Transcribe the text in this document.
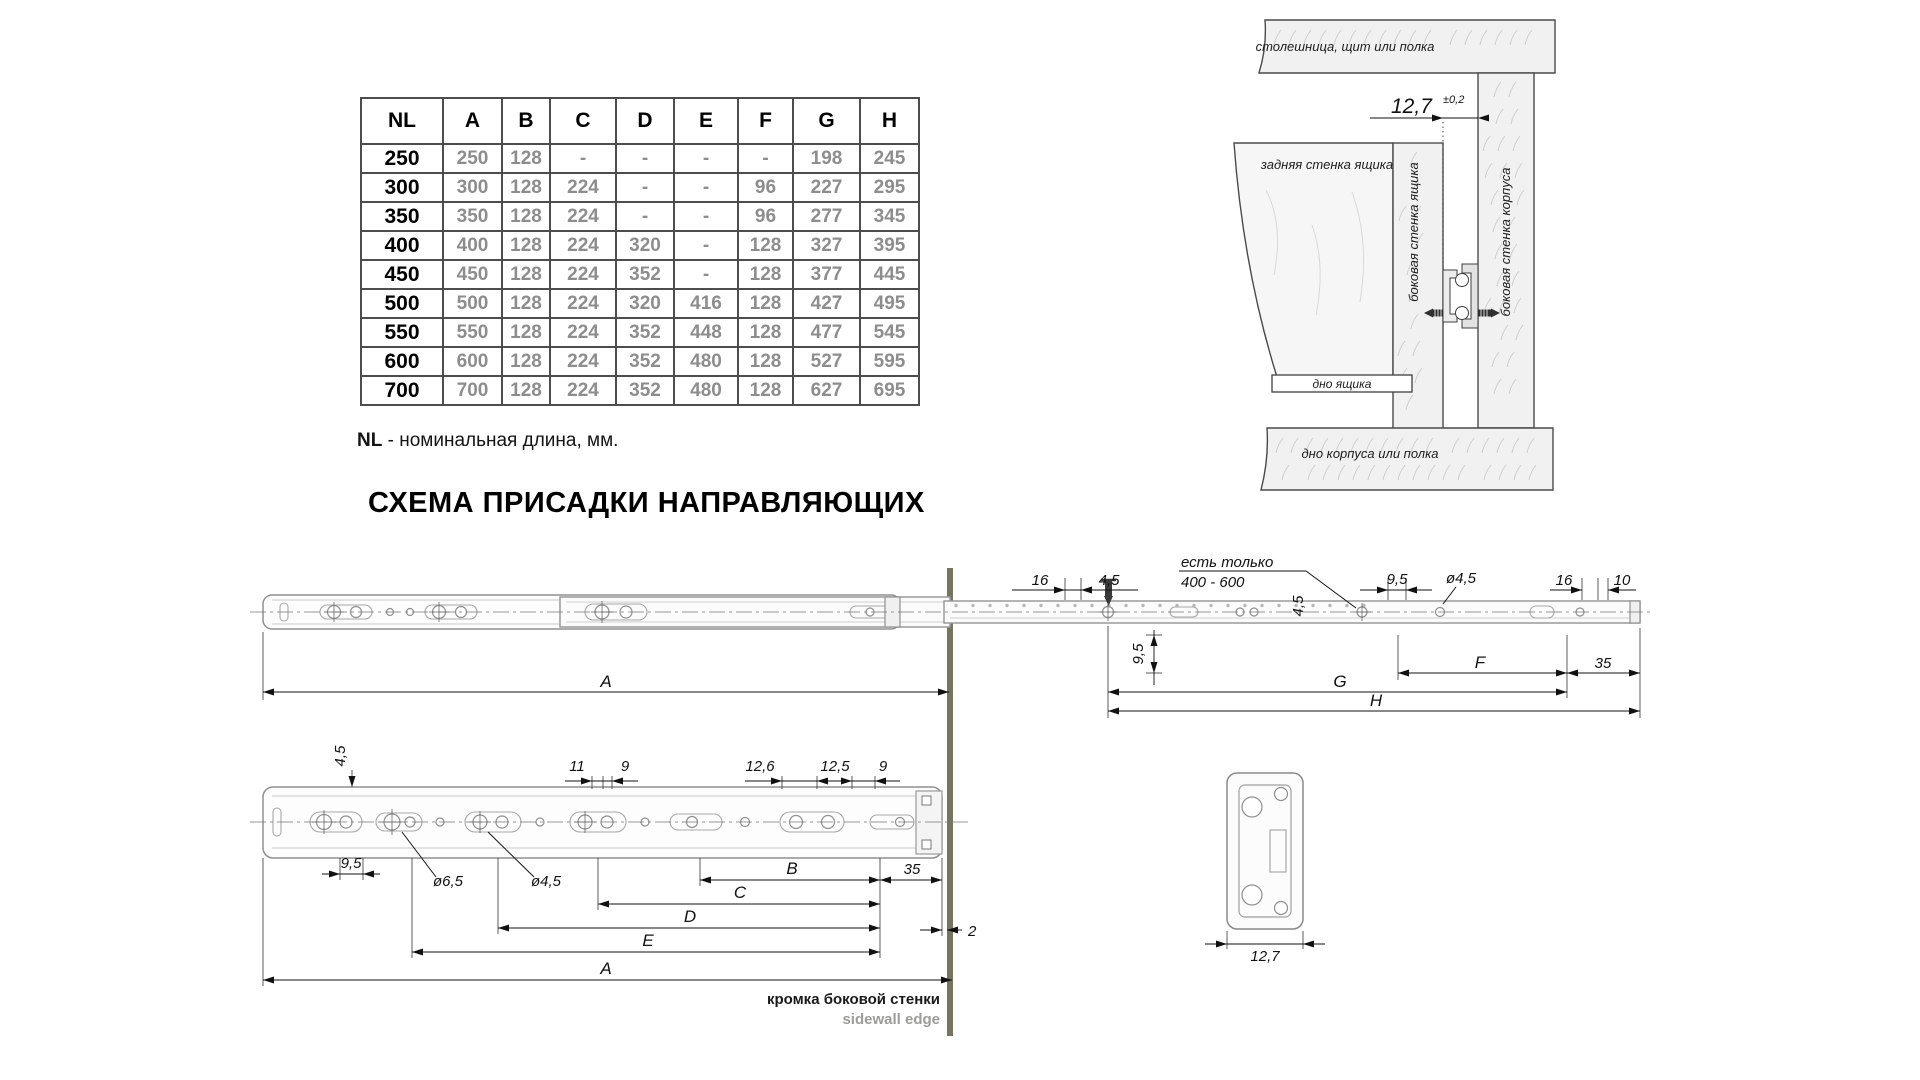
NL	A	B	C	D	E	F	G	H
250	250	128	-	-	-	-	198	245
300	300	128	224	-	-	96	227	295
350	350	128	224	-	-	96	277	345
400	400	128	224	320	-	128	327	395
450	450	128	224	352	-	128	377	445
500	500	128	224	320	416	128	427	495
550	550	128	224	352	448	128	477	545
600	600	128	224	352	480	128	527	595
700	700	128	224	352	480	128	627	695
NL - номинальная длина, мм.
СХЕМА ПРИСАДКИ НАПРАВЛЯЮЩИХ
12,7 ±0,2
столешница, щит или полка
задняя стенка ящика боковая стенка ящика	боковая стенка корпуса
дно ящика
дно корпуса или полка
16	4,5
есть только
400 - 600
4,5
9,5	ø4,5	16	10
9,5	F	35
G
H
A
4,5
11 9	12,6	12,5 9
9,5
ø6,5	ø4,5
B	35
C
D
E
A
2
кромка боковой стенки
sidewall edge
12,7
